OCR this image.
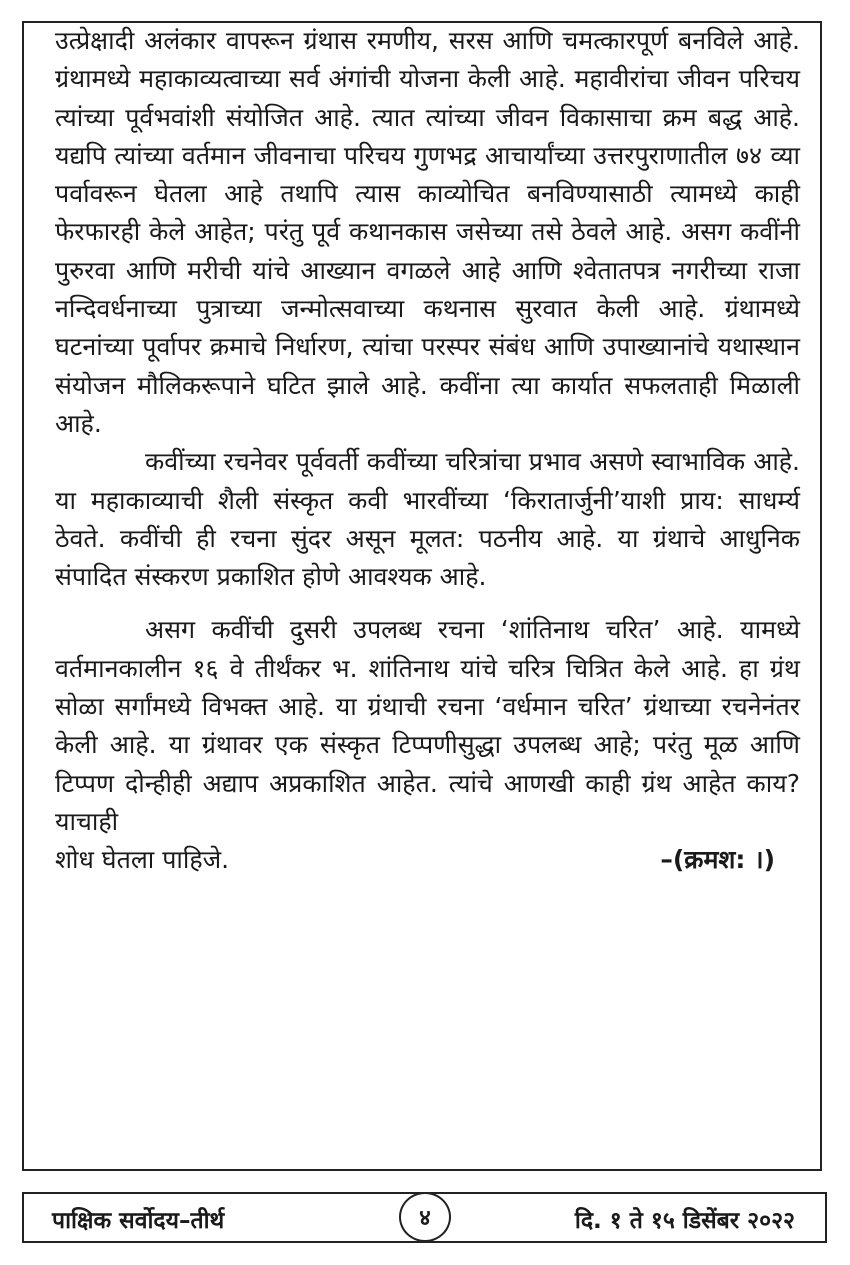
उत्प्रेक्षादी अलंकार वापरून ग्रंथास रमणीय, सरस आणि चमत्कारपूर्ण बनविले आहे. ग्रंथामध्ये महाकाव्यत्वाच्या सर्व अंगांची योजना केली आहे. महावीरांचा जीवन परिचय त्यांच्या पूर्वभवांशी संयोजित आहे. त्यात त्यांच्या जीवन विकासाचा क्रम बद्ध आहे. यद्यपि त्यांच्या वर्तमान जीवनाचा परिचय गुणभद्र आचार्यांच्या उत्तरपुराणातील ७४ व्या पर्वावरून घेतला आहे तथापि त्यास काव्योचित बनविण्यासाठी त्यामध्ये काही फेरफारही केले आहेत; परंतु पूर्व कथानकास जसेच्या तसे ठेवले आहे. असग कवींनी पुरुरवा आणि मरीची यांचे आख्यान वगळले आहे आणि श्वेतातपत्र नगरीच्या राजा नन्दिवर्धनाच्या पुत्राच्या जन्मोत्सवाच्या कथनास सुरवात केली आहे. ग्रंथामध्ये घटनांच्या पूर्वापर क्रमाचे निर्धारण, त्यांचा परस्पर संबंध आणि उपाख्यानांचे यथास्थान संयोजन मौलिकरूपाने घटित झाले आहे. कवींना त्या कार्यात सफलताही मिळाली आहे.

कवींच्या रचनेवर पूर्ववर्ती कवींच्या चरित्रांचा प्रभाव असणे स्वाभाविक आहे. या महाकाव्याची शैली संस्कृत कवी भारवींच्या ‘किरातार्जुनी’याशी प्राय: साधर्म्य ठेवते. कवींची ही रचना सुंदर असून मूलत: पठनीय आहे. या ग्रंथाचे आधुनिक संपादित संस्करण प्रकाशित होणे आवश्यक आहे.

असग कवींची दुसरी उपलब्ध रचना ‘शांतिनाथ चरित’ आहे. यामध्ये वर्तमानकालीन १६ वे तीर्थंकर भ. शांतिनाथ यांचे चरित्र चित्रित केले आहे. हा ग्रंथ सोळा सर्गांमध्ये विभक्त आहे. या ग्रंथाची रचना ‘वर्धमान चरित’ ग्रंथाच्या रचनेनंतर केली आहे. या ग्रंथावर एक संस्कृत टिप्पणीसुद्धा उपलब्ध आहे; परंतु मूळ आणि टिप्पण दोन्हीही अद्याप अप्रकाशित आहेत. त्यांचे आणखी काही ग्रंथ आहेत काय? याचाही

शोध घेतला पाहिजे.	–(क्रमश: ।)
पाक्षिक सर्वोदय–तीर्थ	४	दि. १ ते १५ डिसेंबर २०२२
